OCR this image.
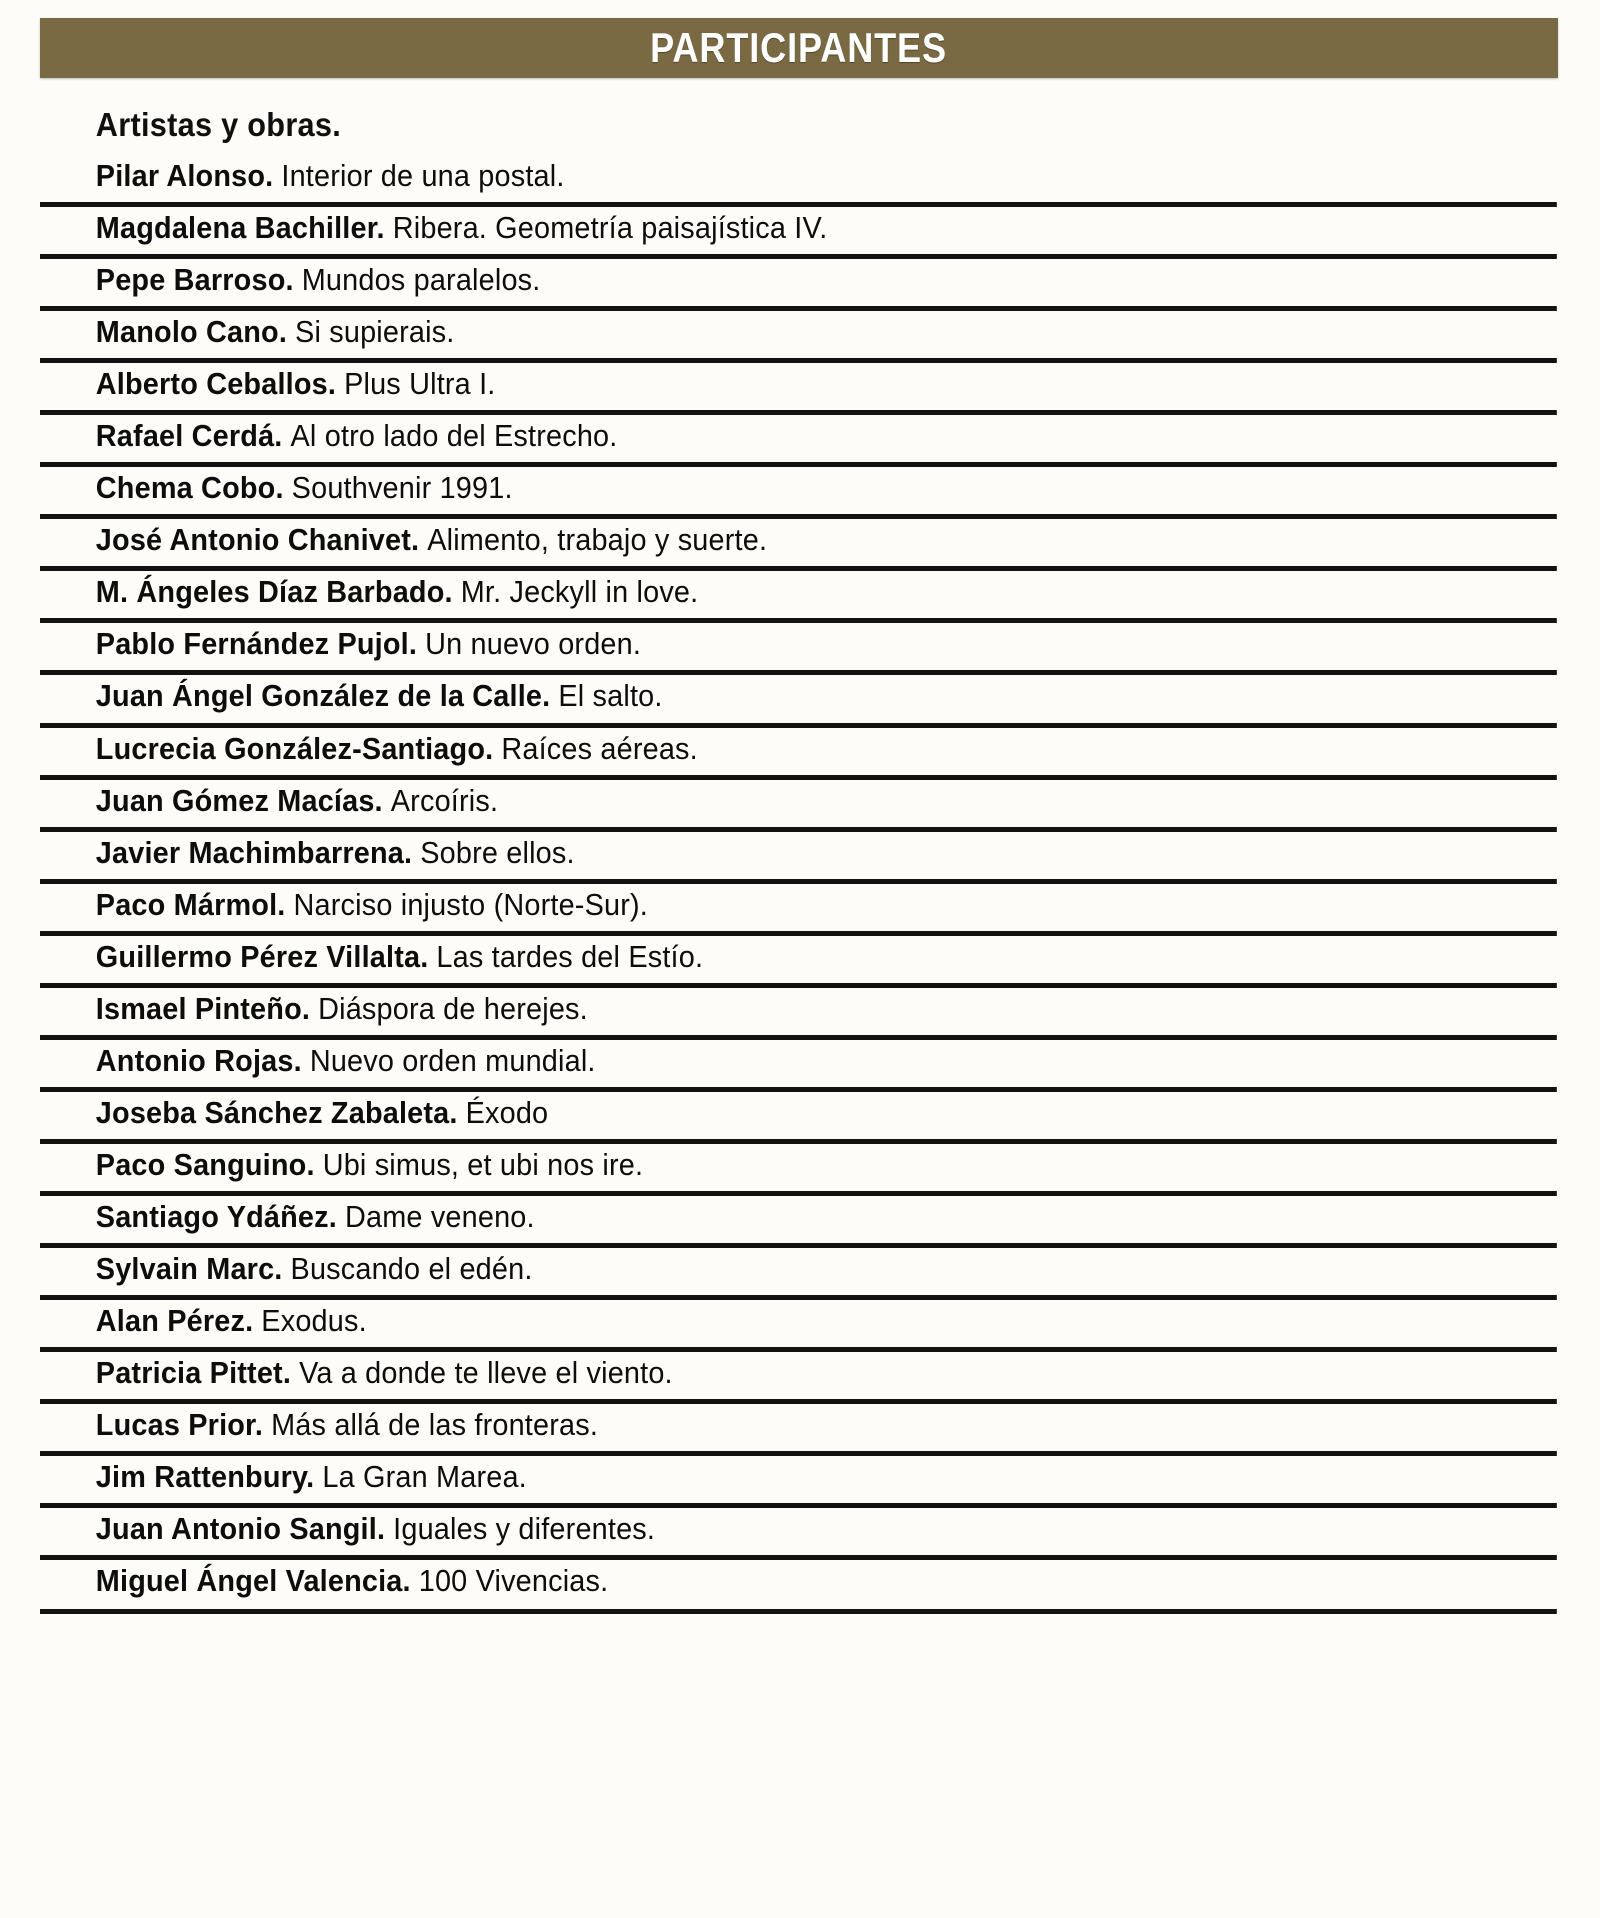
PARTICIPANTES
Artistas y obras.
Pilar Alonso. Interior de una postal.
Magdalena Bachiller. Ribera. Geometría paisajística IV.
Pepe Barroso. Mundos paralelos.
Manolo Cano. Si supierais.
Alberto Ceballos. Plus Ultra I.
Rafael Cerdá. Al otro lado del Estrecho.
Chema Cobo. Southvenir 1991.
José Antonio Chanivet. Alimento, trabajo y suerte.
M. Ángeles Díaz Barbado. Mr. Jeckyll in love.
Pablo Fernández Pujol. Un nuevo orden.
Juan Ángel González de la Calle. El salto.
Lucrecia González-Santiago. Raíces aéreas.
Juan Gómez Macías. Arcoíris.
Javier Machimbarrena. Sobre ellos.
Paco Mármol. Narciso injusto (Norte-Sur).
Guillermo Pérez Villalta. Las tardes del Estío.
Ismael Pinteño. Diáspora de herejes.
Antonio Rojas. Nuevo orden mundial.
Joseba Sánchez Zabaleta. Éxodo
Paco Sanguino. Ubi simus, et ubi nos ire.
Santiago Ydáñez. Dame veneno.
Sylvain Marc. Buscando el edén.
Alan Pérez. Exodus.
Patricia Pittet. Va a donde te lleve el viento.
Lucas Prior. Más allá de las fronteras.
Jim Rattenbury. La Gran Marea.
Juan Antonio Sangil. Iguales y diferentes.
Miguel Ángel Valencia. 100 Vivencias.
